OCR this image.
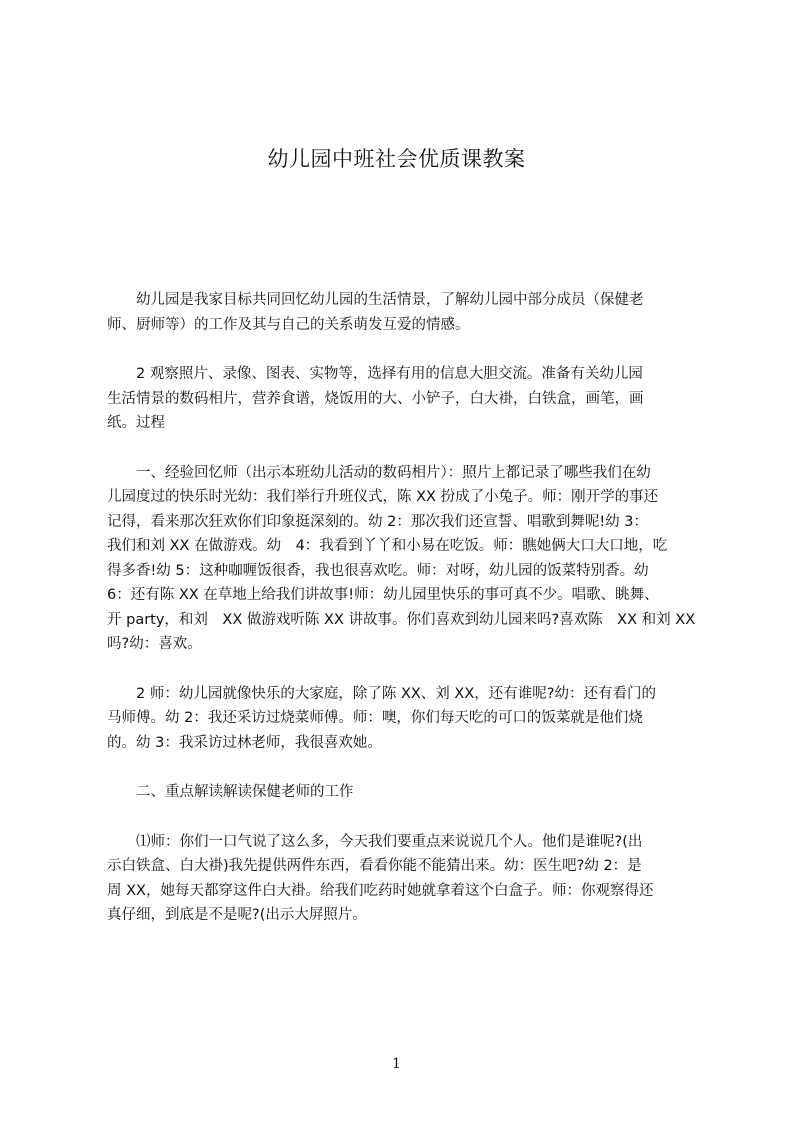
幼儿园中班社会优质课教案
　　幼儿园是我家目标共同回忆幼儿园的生活情景，了解幼儿园中部分成员（保健老
师、厨师等）的工作及其与自己的关系萌发互爱的情感。
　　2 观察照片、录像、图表、实物等，选择有用的信息大胆交流。准备有关幼儿园
生活情景的数码相片，营养食谱，烧饭用的大、小铲子，白大褂，白铁盒，画笔，画
纸。过程
　　一、经验回忆师（出示本班幼儿活动的数码相片）：照片上都记录了哪些我们在幼
儿园度过的快乐时光幼：我们举行升班仪式，陈 XX 扮成了小兔子。师：刚开学的事还
记得，看来那次狂欢你们印象挺深刻的。幼 2：那次我们还宣誓、唱歌到舞呢!幼 3：
我们和刘 XX 在做游戏。幼　4：我看到丫丫和小易在吃饭。师：瞧她俩大口大口地，吃
得多香!幼 5：这种咖喱饭很香，我也很喜欢吃。师：对呀，幼儿园的饭菜特别香。幼
6：还有陈 XX 在草地上给我们讲故事!师：幼儿园里快乐的事可真不少。唱歌、眺舞、
开 party，和刘　XX 做游戏听陈 XX 讲故事。你们喜欢到幼儿园来吗?喜欢陈　XX 和刘 XX
吗?幼：喜欢。
　　2 师：幼儿园就像快乐的大家庭，除了陈 XX、刘 XX，还有谁呢?幼：还有看门的
马师傅。幼 2：我还采访过烧菜师傅。师：噢，你们每天吃的可口的饭菜就是他们烧
的。幼 3：我采访过林老师，我很喜欢她。
　　二、重点解读解读保健老师的工作
　　⑴师：你们一口气说了这么多，今天我们要重点来说说几个人。他们是谁呢?(出
示白铁盒、白大褂)我先提供两件东西，看看你能不能猜出来。幼：医生吧?幼 2：是
周 XX，她每天都穿这件白大褂。给我们吃药时她就拿着这个白盒子。师：你观察得还
真仔细，到底是不是呢?(出示大屏照片。
1
